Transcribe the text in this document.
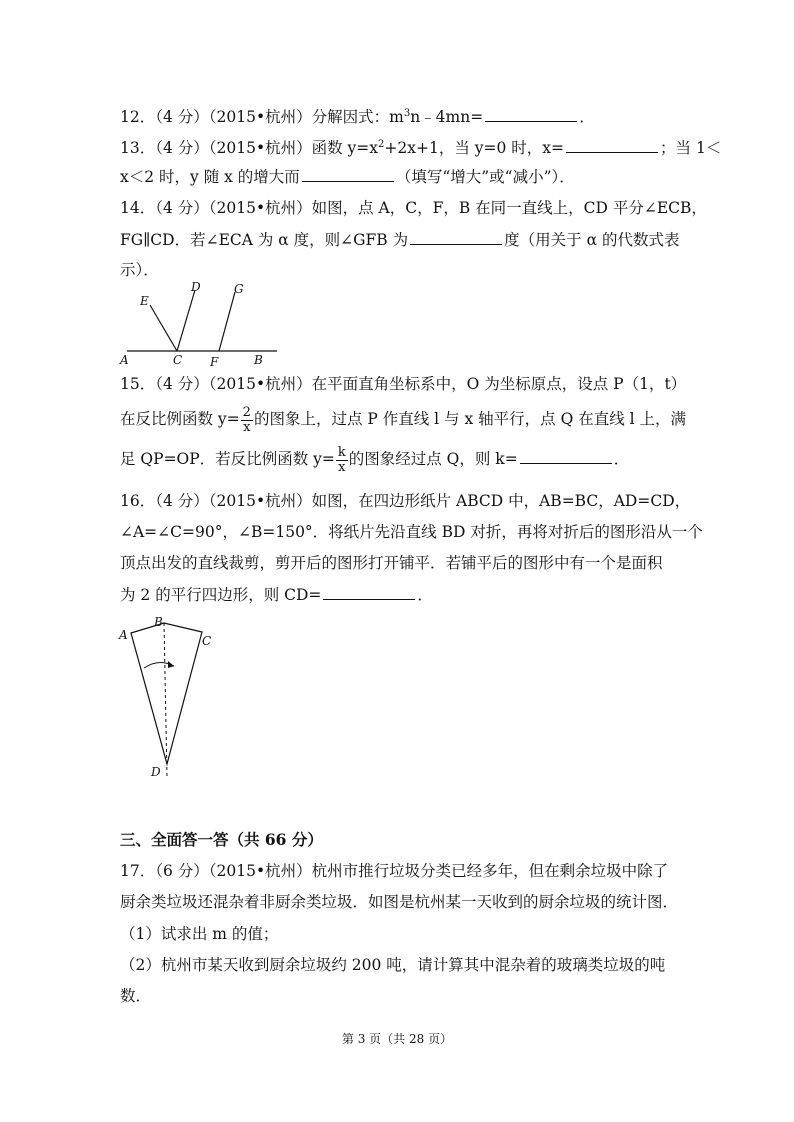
12．（4 分）（2015•杭州）分解因式：$m^3n﹣4mn=$	．
13．（4 分）（2015•杭州）函数 $y=x^2+2x+1$，当 y=0 时，x=	；当 1＜
x＜2 时，y 随 x 的增大而	（填写“增大”或“减小”）．
14．（4 分）（2015•杭州）如图，点 A，C，F，B 在同一直线上，CD 平分∠ECB，
FG∥CD．若∠ECA 为 α 度，则∠GFB 为	度（用关于 α 的代数式表
示）．
E
D	G
A	C F	B
15．（4 分）（2015•杭州）在平面直角坐标系中，O 为坐标原点，设点 P（1，t）
在反比例函数 $y= \frac{2}{x}$ 的图象上，过点 P 作直线 l 与 x 轴平行，点 Q 在直线 l 上，满
足 QP=OP．若反比例函数 $y= \frac{k}{x}$ 的图象经过点 Q，则 k=	．
16．（4 分）（2015•杭州）如图，在四边形纸片 ABCD 中，AB=BC，AD=CD，
∠A=∠C=90°，∠B=150°．将纸片先沿直线 BD 对折，再将对折后的图形沿从一个
顶点出发的直线裁剪，剪开后的图形打开铺平．若铺平后的图形中有一个是面积
为 2 的平行四边形，则 CD=	．
A
B
C
D
三、全面答一答（共 66 分）
17．（6 分）（2015•杭州）杭州市推行垃圾分类已经多年，但在剩余垃圾中除了
厨余类垃圾还混杂着非厨余类垃圾．如图是杭州某一天收到的厨余垃圾的统计图．
（1）试求出 m 的值；
（2）杭州市某天收到厨余垃圾约 200 吨，请计算其中混杂着的玻璃类垃圾的吨
数．
第 3 页（共 28 页）
